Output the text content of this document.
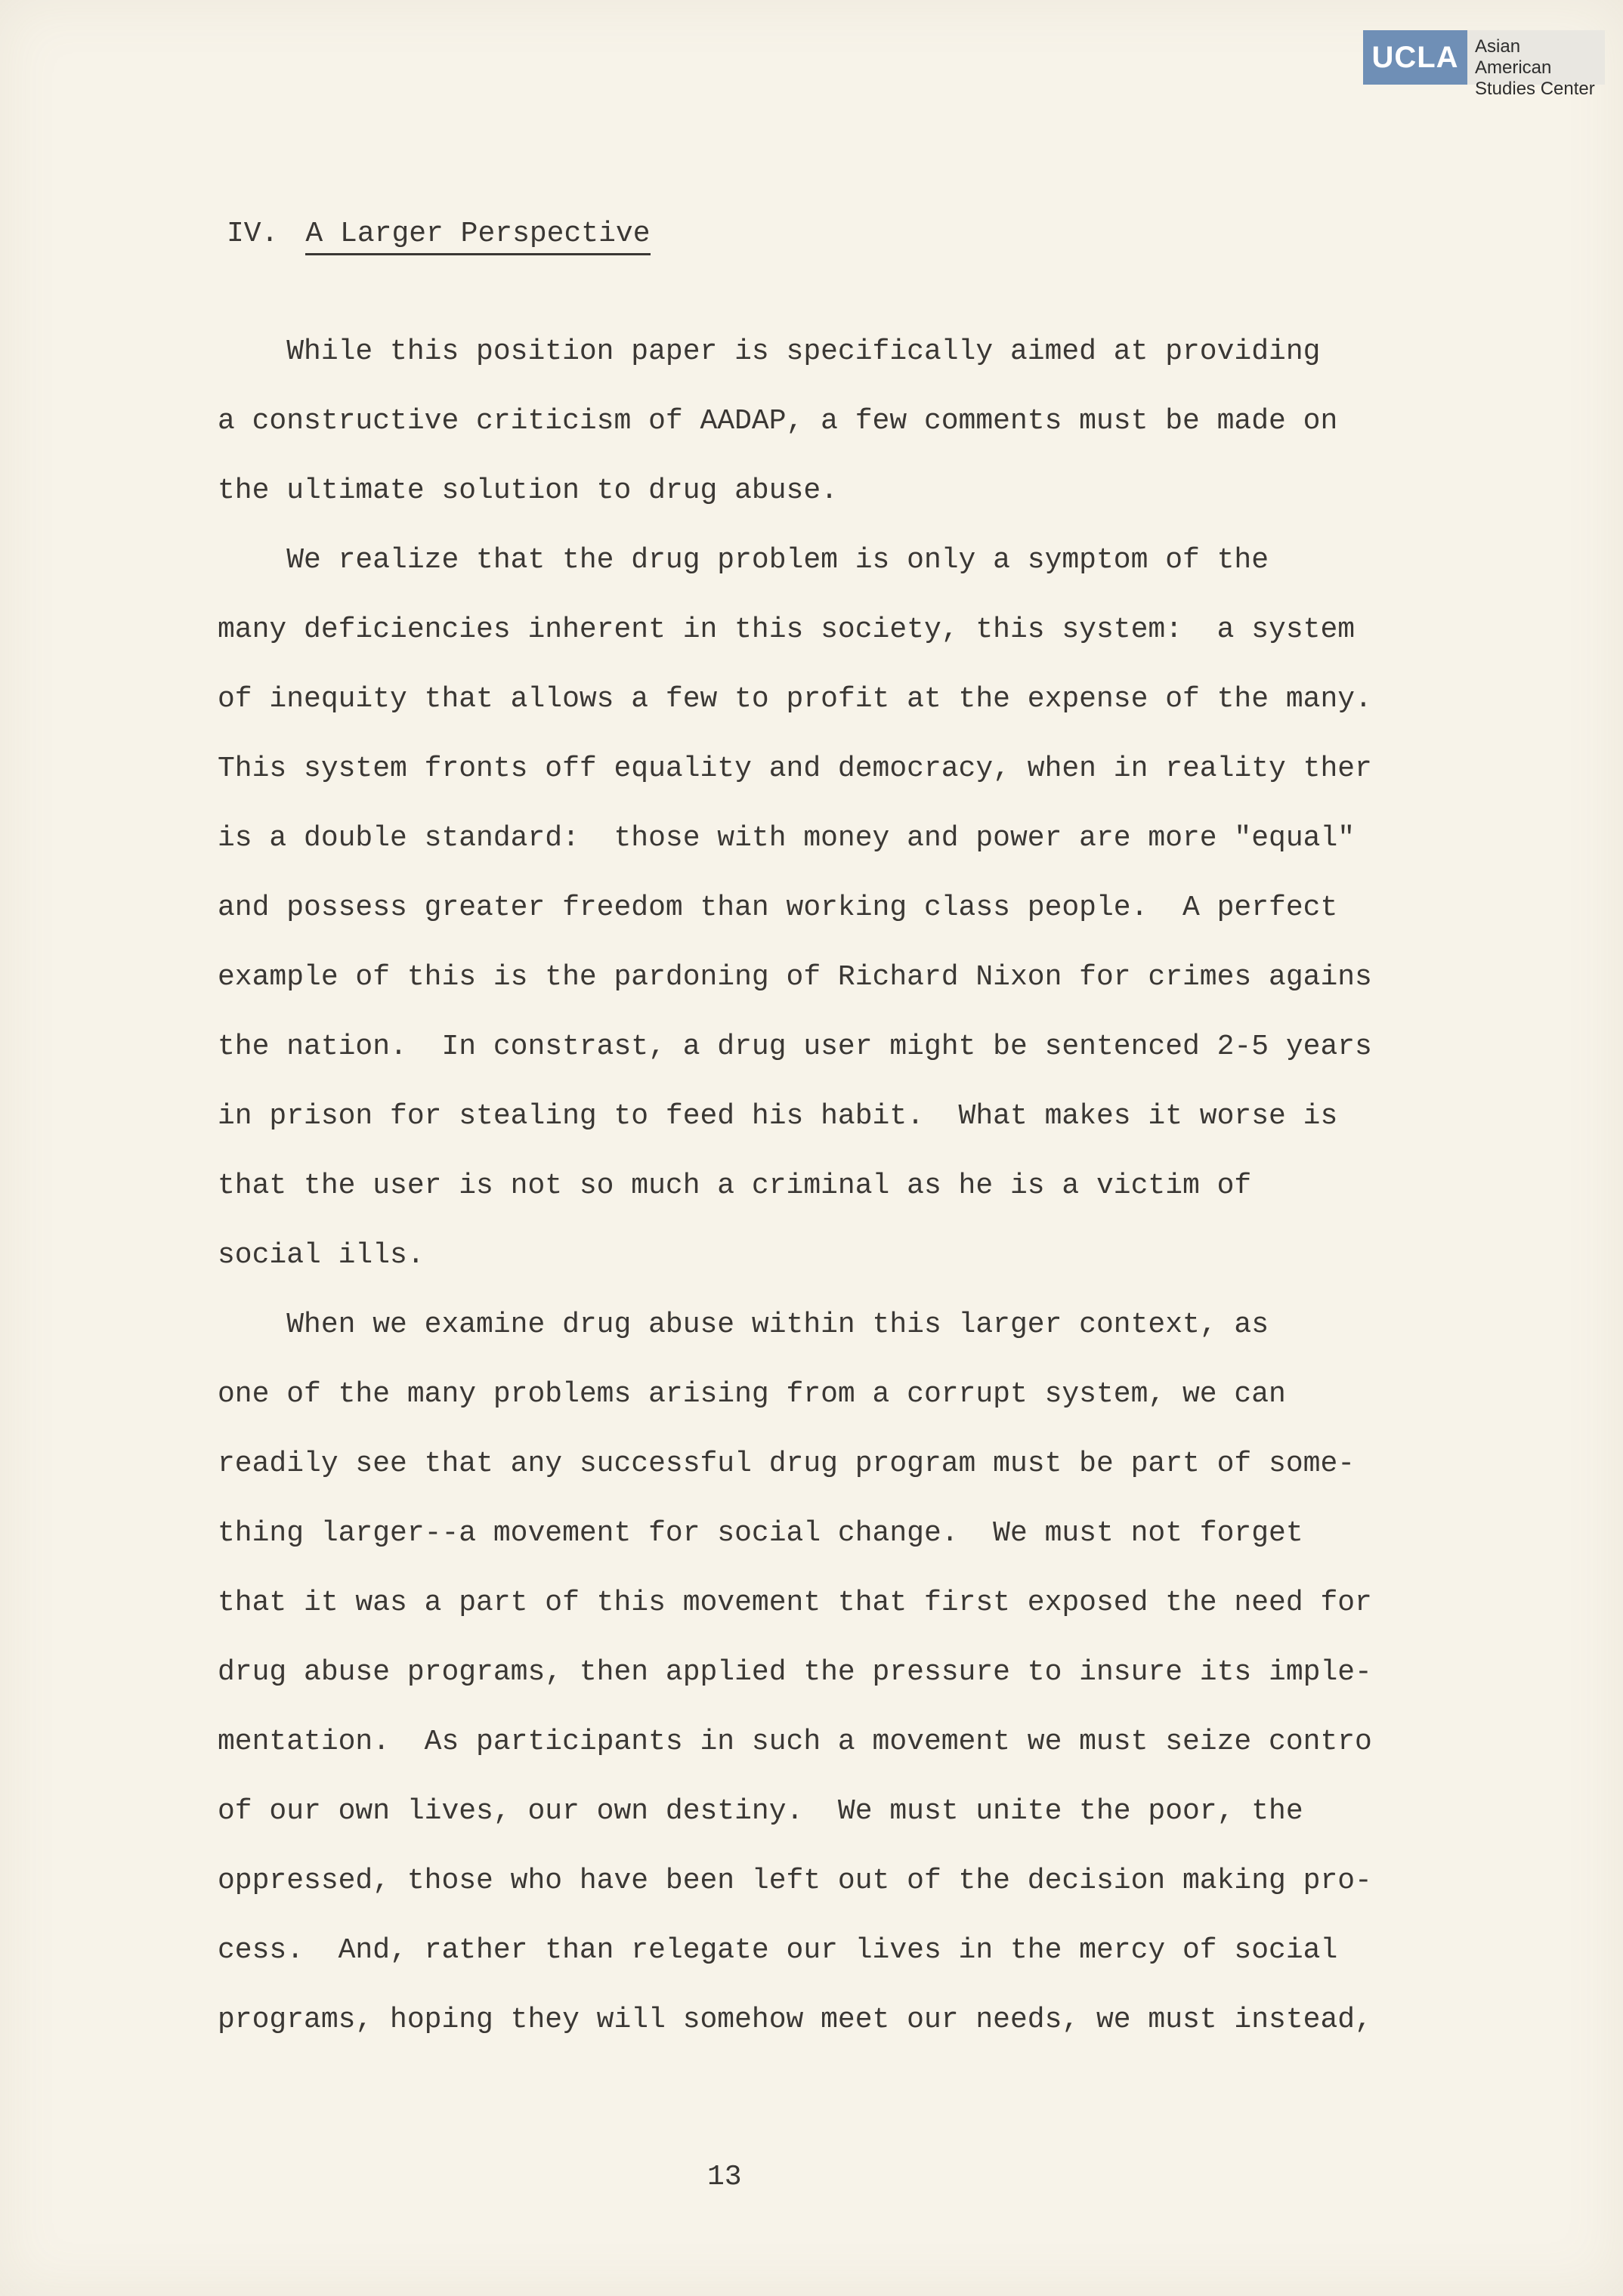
UCLA Asian American
Studies Center
IV. A Larger Perspective
While this position paper is specifically aimed at providing
a constructive criticism of AADAP, a few comments must be made on
the ultimate solution to drug abuse.
We realize that the drug problem is only a symptom of the
many deficiencies inherent in this society, this system:  a system
of inequity that allows a few to profit at the expense of the many.
This system fronts off equality and democracy, when in reality ther
is a double standard:  those with money and power are more "equal"
and possess greater freedom than working class people.  A perfect
example of this is the pardoning of Richard Nixon for crimes agains
the nation.  In constrast, a drug user might be sentenced 2-5 years
in prison for stealing to feed his habit.  What makes it worse is
that the user is not so much a criminal as he is a victim of
social ills.
When we examine drug abuse within this larger context, as
one of the many problems arising from a corrupt system, we can
readily see that any successful drug program must be part of some-
thing larger--a movement for social change.  We must not forget
that it was a part of this movement that first exposed the need for
drug abuse programs, then applied the pressure to insure its imple-
mentation.  As participants in such a movement we must seize contro
of our own lives, our own destiny.  We must unite the poor, the
oppressed, those who have been left out of the decision making pro-
cess.  And, rather than relegate our lives in the mercy of social
programs, hoping they will somehow meet our needs, we must instead,
13
